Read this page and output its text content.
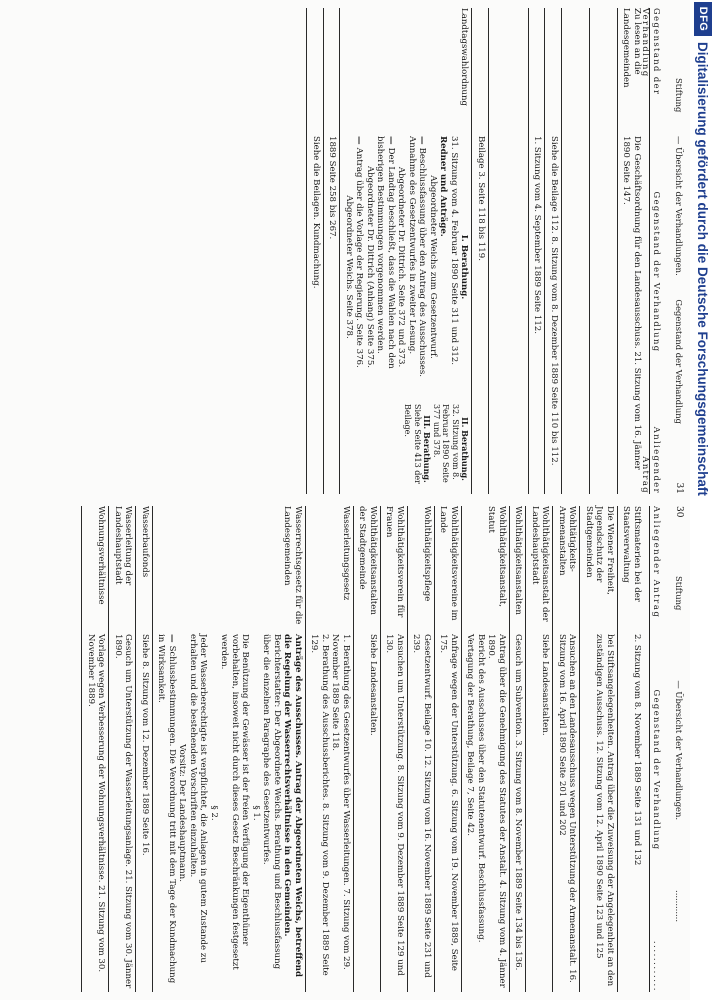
30
Stiftung
— Übersicht der Verhandlungen.
............
Anliegender Antrag
Gegenstand der Verhandlung
............
Stiftsmaterien bei der Staatsverwaltung
2. Sitzung vom 8. November 1889 Seite 131 und 132
Die Wiener Freiheit, Jugendschutz der Stadtgemeinden
bei Stiftsangelegenheiten. Antrag über die Zuweisung der Angelegenheit an den zuständigen Ausschuss. 12. Sitzung vom 12. April 1890 Seite 123 und 125
Wohltätigkeits- Armenanstalten
Ansuchen an den Landesausschuss wegen Unterstützung der Armenanstalt. 16. Sitzung vom 16. April 1890 Seite 201 und 202
Wohlthätigkeitsanstalt der Landeshauptstadt
Siehe Landesanstalten.
Wohlthätigkeitsanstalten
Gesuch um Subvention. 3. Sitzung vom 8. November 1889 Seite 134 bis 136.
Wohlthätigkeitsanstalt, Statut
Antrag über die Genehmigung des Statutes der Anstalt. 4. Sitzung vom 4. Jänner 1890.
Bericht des Ausschusses über den Statutenentwurf. Beschlussfassung.
Vertagung der Berathung, Beilage 7, Seite 42.
Wohlthätigkeitsvereine im Lande
Anfrage wegen der Unterstützung. 6. Sitzung vom 19. November 1889, Seite 175.
Wohlthätigkeitspflege
Gesetzentwurf. Beilage 10. 12. Sitzung vom 16. November 1889 Seite 231 und 239.
Wohlthätigkeitsverein für Frauen
Ansuchen um Unterstützung. 8. Sitzung vom 9. Dezember 1889 Seite 129 und 130.
Wohlthätigkeitsanstalten der Stadtgemeinde
Siehe Landesanstalten.
Wasserleitungsgesetz
1. Berathung des Gesetzentwurfes über Wasserleitungen. 7. Sitzung vom 29. November 1889 Seite 118.
2. Berathung des Ausschussberichtes. 8. Sitzung vom 9. Dezember 1889 Seite 129.
Wasserrechtsgesetz für die Landesgemeinden
Anträge des Ausschusses. Antrag der Abgeordneten Weichs, betreffend die Regelung der Wasserrechtsverhältnisse in den Gemeinden.
Berichterstatter: Der Abgeordnete Weichs. Berathung und Beschlussfassung über die einzelnen Paragraphe des Gesetzentwurfes.
§ 1.
Die Benützung der Gewässer ist der freien Verfügung der Eigenthümer vorbehalten, insoweit nicht durch dieses Gesetz Beschränkungen festgesetzt werden.
§ 2.
Jeder Wasserberechtigte ist verpflichtet, die Anlagen in gutem Zustande zu erhalten und die bestehenden Vorschriften einzuhalten.
Vorsitz: Der Landeshauptmann.
— Schlussbestimmungen. Die Verordnung tritt mit dem Tage der Kundmachung in Wirksamkeit.
Wasserbaufonds
Siehe 8. Sitzung vom 12. Dezember 1889 Seite 16.
Wasserleitung der Landeshauptstadt
Gesuch um Unterstützung der Wasserleitungsanlage. 21. Sitzung vom 30. Jänner 1890.
Wohnungsverhältnisse
Vorlage wegen Verbesserung der Wohnungsverhältnisse. 21. Sitzung vom 30. November 1889.
31
Stiftung
— Übersicht der Verhandlungen.
Gegenstand der Verhandlung
Gegenstand der Verhandlung
Gegenstand der Verhandlung
Anliegender Antrag
Zu lesen an die Landesgemeinden
Die Geschäftsordnung für den Landesausschuss. 21. Sitzung vom 16. Jänner 1890 Seite 147.
Siehe die Beilage 112. 8. Sitzung vom 8. Dezember 1889 Seite 110 bis 112.
1. Sitzung vom 4. September 1889 Seite 112.
Beilage 3. Seite 118 bis 119.
Landtagswahlordnung
I. Berathung.
31. Sitzung vom 4. Februar 1890 Seite 311 und 312.
Redner und Anträge.
Abgeordneter Weichs zum Gesetzentwurf.
— Beschlussfassung über den Antrag des Ausschusses. Annahme des Gesetzentwurfes in zweiter Lesung.
Abgeordneter Dr. Dittrich. Seite 372 und 373.
— Der Landtag beschließt, dass die Wahlen nach den bisherigen Bestimmungen vorgenommen werden.
Abgeordneter Dr. Dittrich (Anhang) Seite 375.
— Antrag über die Vorlage der Regierung. Seite 376.
Abgeordneter Weichs. Seite 378.
II. Berathung.
32. Sitzung vom 8. Februar 1890 Seite 377 und 378.
III. Berathung.
Siehe Seite 413 der Beilage.
1889 Seite 258 bis 267.
Siehe die Beilagen. Kundmachung.
DFG
Digitalisierung gefördert durch die Deutsche Forschungsgemeinschaft
